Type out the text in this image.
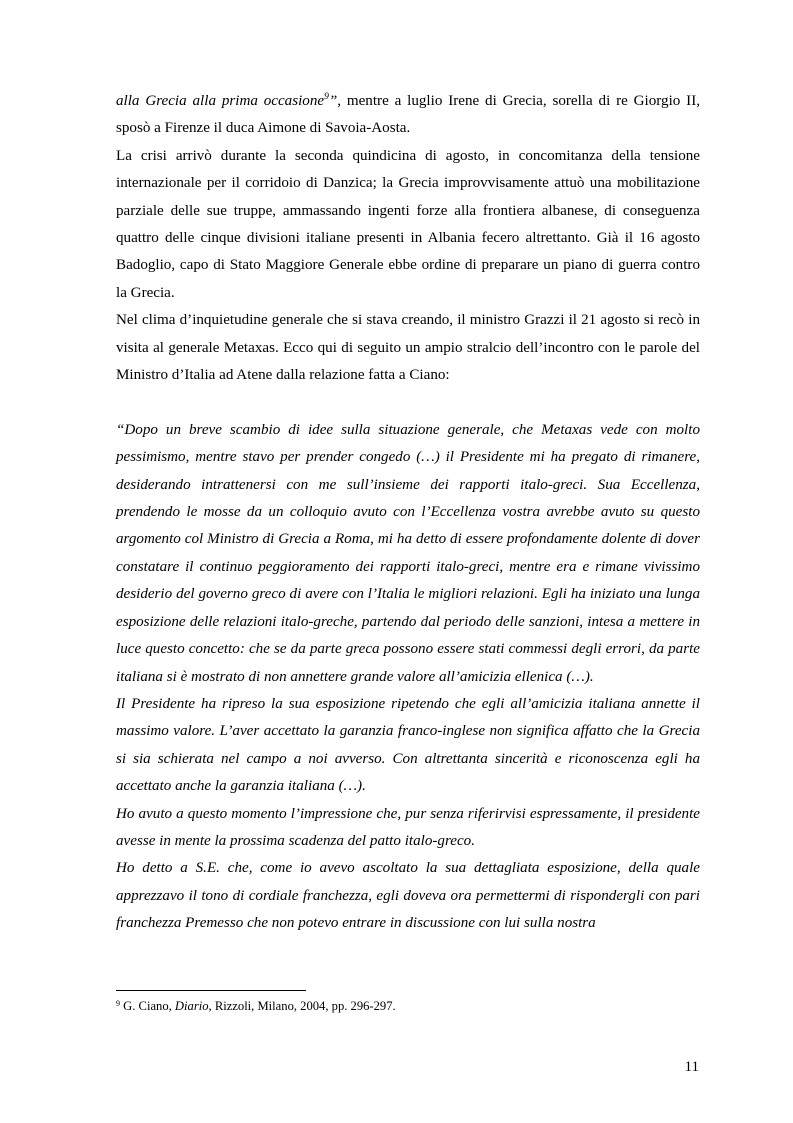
alla Grecia alla prima occasione$^9$”, mentre a luglio Irene di Grecia, sorella di re Giorgio II, sposò a Firenze il duca Aimone di Savoia-Aosta.

La crisi arrivò durante la seconda quindicina di agosto, in concomitanza della tensione internazionale per il corridoio di Danzica; la Grecia improvvisamente attuò una mobilitazione parziale delle sue truppe, ammassando ingenti forze alla frontiera albanese, di conseguenza quattro delle cinque divisioni italiane presenti in Albania fecero altrettanto. Già il 16 agosto Badoglio, capo di Stato Maggiore Generale ebbe ordine di preparare un piano di guerra contro la Grecia.

Nel clima d’inquietudine generale che si stava creando, il ministro Grazzi il 21 agosto si recò in visita al generale Metaxas. Ecco qui di seguito un ampio stralcio dell’incontro con le parole del Ministro d’Italia ad Atene dalla relazione fatta a Ciano:

“Dopo un breve scambio di idee sulla situazione generale, che Metaxas vede con molto pessimismo, mentre stavo per prender congedo (…) il Presidente mi ha pregato di rimanere, desiderando intrattenersi con me sull’insieme dei rapporti italo-greci. Sua Eccellenza, prendendo le mosse da un colloquio avuto con l’Eccellenza vostra avrebbe avuto su questo argomento col Ministro di Grecia a Roma, mi ha detto di essere profondamente dolente di dover constatare il continuo peggioramento dei rapporti italo-greci, mentre era e rimane vivissimo desiderio del governo greco di avere con l’Italia le migliori relazioni. Egli ha iniziato una lunga esposizione delle relazioni italo-greche, partendo dal periodo delle sanzioni, intesa a mettere in luce questo concetto: che se da parte greca possono essere stati commessi degli errori, da parte italiana si è mostrato di non annettere grande valore all’amicizia ellenica (…).

Il Presidente ha ripreso la sua esposizione ripetendo che egli all’amicizia italiana annette il massimo valore. L’aver accettato la garanzia franco-inglese non significa affatto che la Grecia si sia schierata nel campo a noi avverso. Con altrettanta sincerità e riconoscenza egli ha accettato anche la garanzia italiana (…).

Ho avuto a questo momento l’impressione che, pur senza riferirvisi espressamente, il presidente avesse in mente la prossima scadenza del patto italo-greco.

Ho detto a S.E. che, come io avevo ascoltato la sua dettagliata esposizione, della quale apprezzavo il tono di cordiale franchezza, egli doveva ora permettermi di rispondergli con pari franchezza Premesso che non potevo entrare in discussione con lui sulla nostra

$^9$ G. Ciano, Diario, Rizzoli, Milano, 2004, pp. 296-297.
11
